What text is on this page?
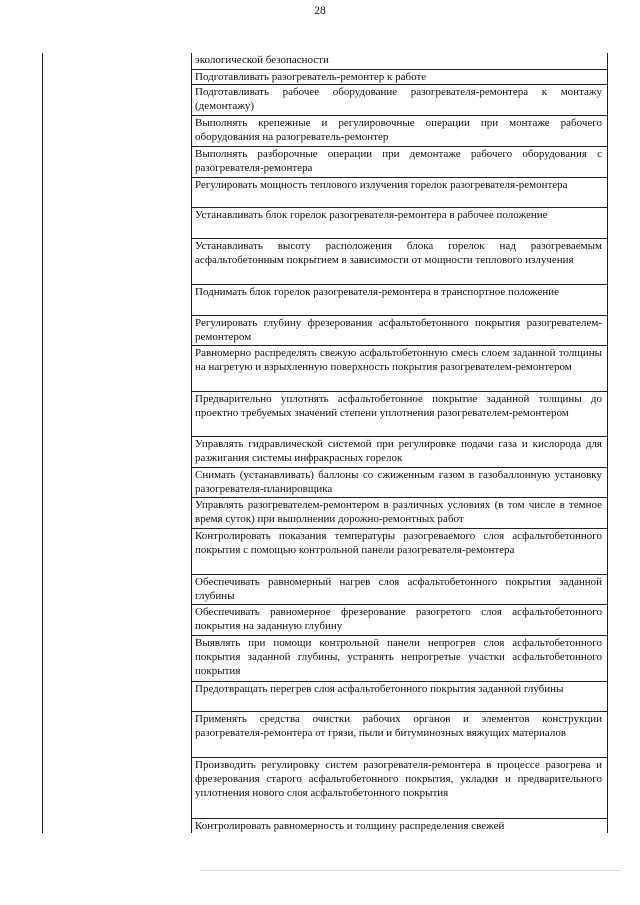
28
экологической безопасности
Подготавливать разогреватель-ремонтер к работе
Подготавливать рабочее оборудование разогревателя-ремонтера к монтажу (демонтажу)
Выполнять крепежные и регулировочные операции при монтаже рабочего оборудования на разогреватель-ремонтер
Выполнять разборочные операции при демонтаже рабочего оборудования с разогревателя-ремонтера
Регулировать мощность теплового излучения горелок разогревателя-ремонтера
Устанавливать блок горелок разогревателя-ремонтера в рабочее положение
Устанавливать высоту расположения блока горелок над разогреваемым асфальтобетонным покрытием в зависимости от мощности теплового излучения
Поднимать блок горелок разогревателя-ремонтера в транспортное положение
Регулировать глубину фрезерования асфальтобетонного покрытия разогревателем-ремонтером
Равномерно распределять свежую асфальтобетонную смесь слоем заданной толщины на нагретую и взрыхленную поверхность покрытия разогревателем-ремонтером
Предварительно уплотнять асфальтобетонное покрытие заданной толщины до проектно требуемых значений степени уплотнения разогревателем-ремонтером
Управлять гидравлической системой при регулировке подачи газа и кислорода для разжигания системы инфракрасных горелок
Снимать (устанавливать) баллоны со сжиженным газом в газобаллонную установку разогревателя-планировщика
Управлять разогревателем-ремонтером в различных условиях (в том числе в темное время суток) при выполнении дорожно-ремонтных работ
Контролировать показания температуры разогреваемого слоя асфальтобетонного покрытия с помощью контрольной панели разогревателя-ремонтера
Обеспечивать равномерный нагрев слоя асфальтобетонного покрытия заданной глубины
Обеспечивать равномерное фрезерование разогретого слоя асфальтобетонного покрытия на заданную глубину
Выявлять при помощи контрольной панели непрогрев слоя асфальтобетонного покрытия заданной глубины, устранять непрогретые участки асфальтобетонного покрытия
Предотвращать перегрев слоя асфальтобетонного покрытия заданной глубины
Применять средства очистки рабочих органов и элементов конструкции разогревателя-ремонтера от грязи, пыли и битуминозных вяжущих материалов
Производить регулировку систем разогревателя-ремонтера в процессе разогрева и фрезерования старого асфальтобетонного покрытия, укладки и предварительного уплотнения нового слоя асфальтобетонного покрытия
Контролировать равномерность и толщину распределения свежей
